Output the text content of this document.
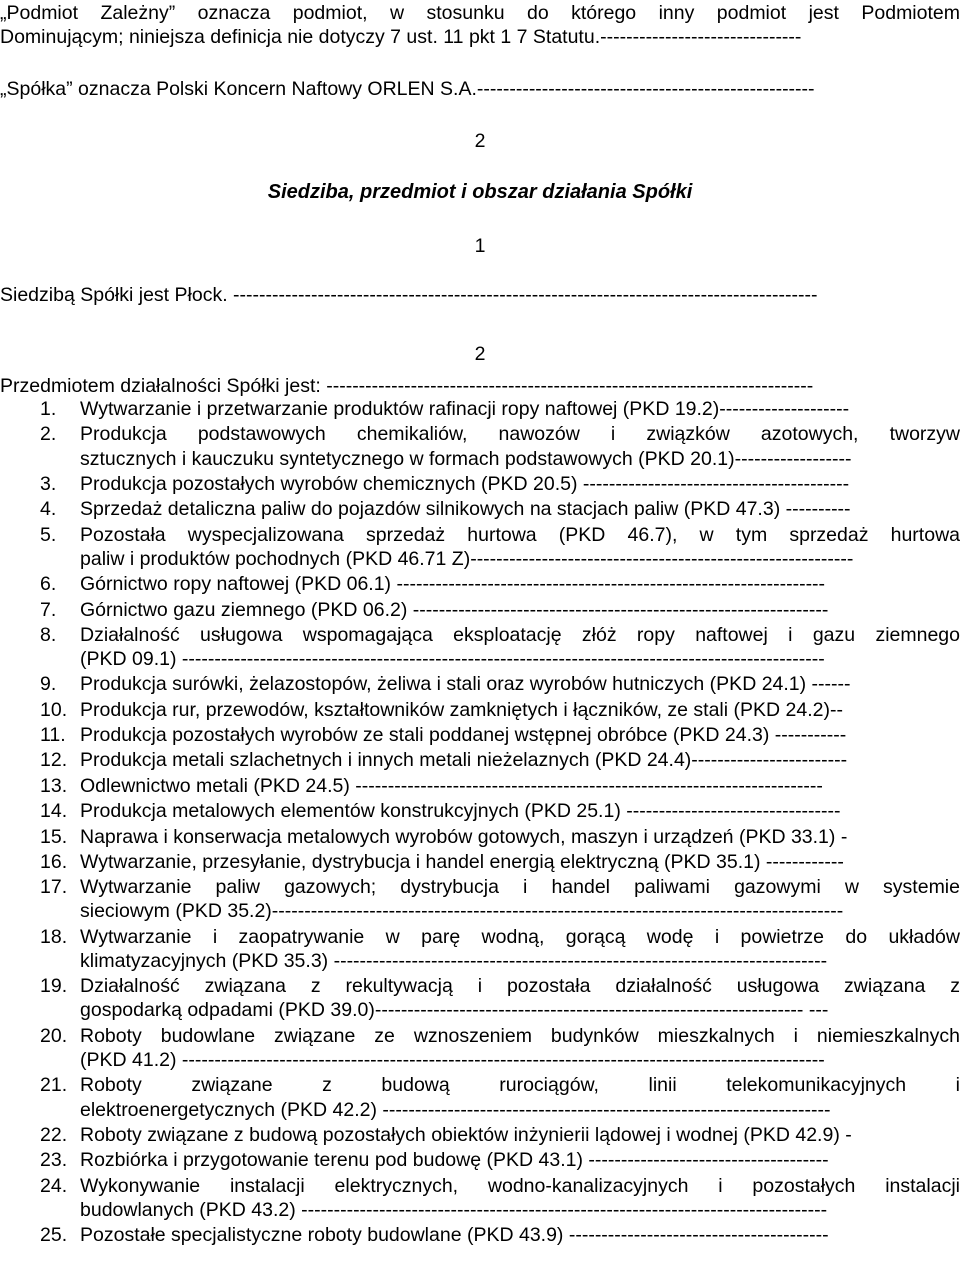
„Podmiot Zależny” oznacza podmiot, w stosunku do którego inny podmiot jest Podmiotem
Dominującym; niniejsza definicja nie dotyczy 7 ust. 11 pkt 1 7 Statutu.-------------------------------
„Spółka” oznacza Polski Koncern Naftowy ORLEN S.A.----------------------------------------------------
2
Siedziba, przedmiot i obszar działania Spółki
1
Siedzibą Spółki jest Płock. ------------------------------------------------------------------------------------------
2
Przedmiotem działalności Spółki jest: ---------------------------------------------------------------------------
1.	Wytwarzanie i przetwarzanie produktów rafinacji ropy naftowej (PKD 19.2)--------------------
2.	Produkcja podstawowych chemikaliów, nawozów i związków azotowych, tworzyw
sztucznych i kauczuku syntetycznego w formach podstawowych (PKD 20.1)------------------
3.	Produkcja pozostałych wyrobów chemicznych (PKD 20.5) -----------------------------------------
4.	Sprzedaż detaliczna paliw do pojazdów silnikowych na stacjach paliw (PKD 47.3) ----------
5.	Pozostała wyspecjalizowana sprzedaż hurtowa (PKD 46.7), w tym sprzedaż hurtowa
paliw i produktów pochodnych (PKD 46.71 Z)-----------------------------------------------------------
6.	Górnictwo ropy naftowej (PKD 06.1) ------------------------------------------------------------------
7.	Górnictwo gazu ziemnego (PKD 06.2) ----------------------------------------------------------------
8.	Działalność usługowa wspomagająca eksploatację złóż ropy naftowej i gazu ziemnego
(PKD 09.1) ---------------------------------------------------------------------------------------------------
9.	Produkcja surówki, żelazostopów, żeliwa i stali oraz wyrobów hutniczych (PKD 24.1) ------
10. Produkcja rur, przewodów, kształtowników zamkniętych i łączników, ze stali (PKD 24.2)--
11. Produkcja pozostałych wyrobów ze stali poddanej wstępnej obróbce (PKD 24.3) -----------
12. Produkcja metali szlachetnych i innych metali nieżelaznych (PKD 24.4)------------------------
13. Odlewnictwo metali (PKD 24.5) ------------------------------------------------------------------------
14. Produkcja metalowych elementów konstrukcyjnych (PKD 25.1) ---------------------------------
15. Naprawa i konserwacja metalowych wyrobów gotowych, maszyn i urządzeń (PKD 33.1) -
16. Wytwarzanie, przesyłanie, dystrybucja i handel energią elektryczną (PKD 35.1) ------------
17. Wytwarzanie paliw gazowych; dystrybucja i handel paliwami gazowymi w systemie
sieciowym (PKD 35.2)----------------------------------------------------------------------------------------
18. Wytwarzanie i zaopatrywanie w parę wodną, gorącą wodę i powietrze do układów
klimatyzacyjnych (PKD 35.3) ----------------------------------------------------------------------------
19. Działalność związana z rekultywacją i pozostała działalność usługowa związana z
gospodarką odpadami (PKD 39.0)------------------------------------------------------------------ ---
20. Roboty budowlane związane ze wznoszeniem budynków mieszkalnych i niemieszkalnych
(PKD 41.2) ---------------------------------------------------------------------------------------------------
21. Roboty związane z budową rurociągów, linii telekomunikacyjnych i
elektroenergetycznych (PKD 42.2) ---------------------------------------------------------------------
22. Roboty związane z budową pozostałych obiektów inżynierii lądowej i wodnej (PKD 42.9) -
23. Rozbiórka i przygotowanie terenu pod budowę (PKD 43.1) -------------------------------------
24. Wykonywanie instalacji elektrycznych, wodno-kanalizacyjnych i pozostałych instalacji
budowlanych (PKD 43.2) ---------------------------------------------------------------------------------
25. Pozostałe specjalistyczne roboty budowlane (PKD 43.9) ----------------------------------------
